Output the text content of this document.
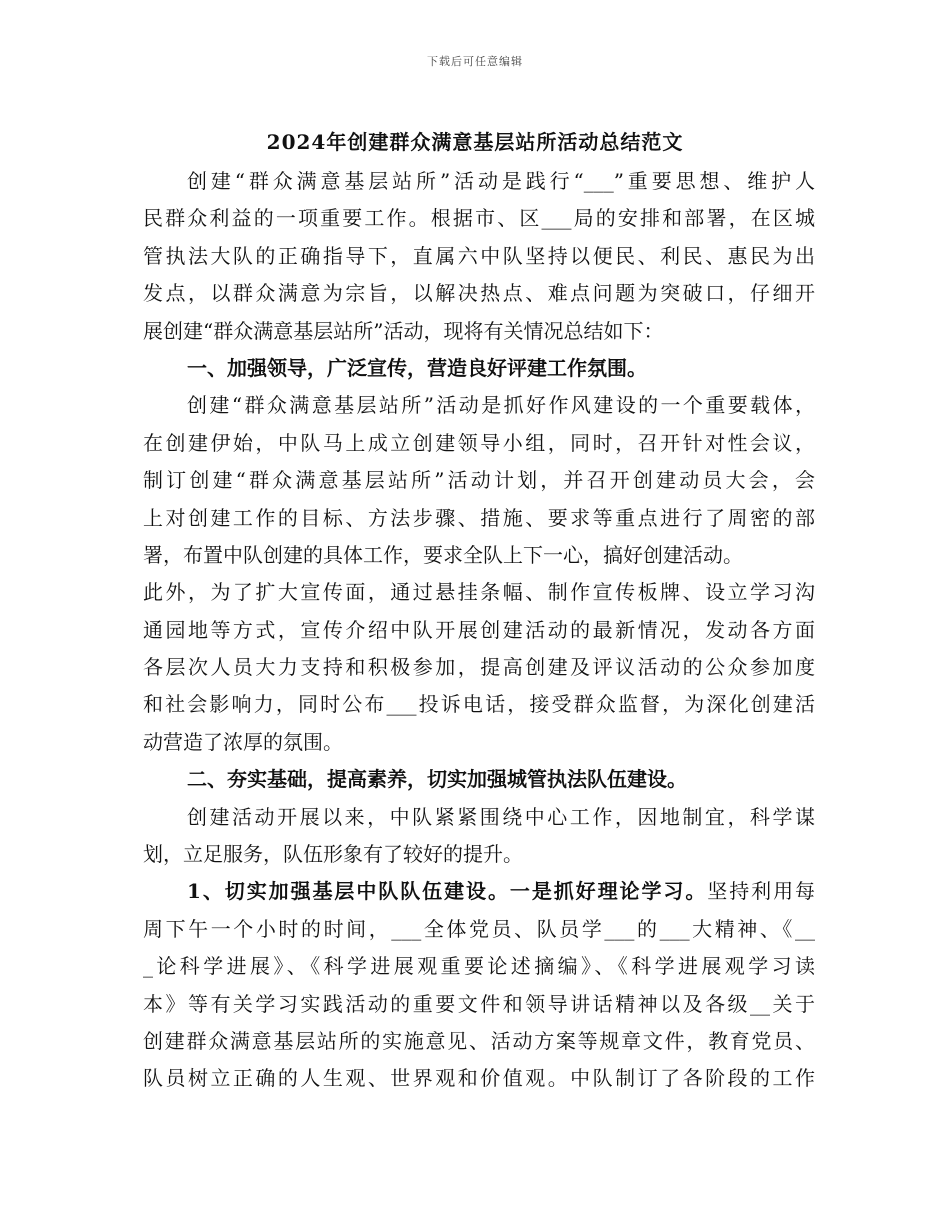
下载后可任意编辑
2024年创建群众满意基层站所活动总结范文
创建“群众满意基层站所”活动是践行“___”重要思想、维护人
民群众利益的一项重要工作。根据市、区___局的安排和部署，在区城
管执法大队的正确指导下，直属六中队坚持以便民、利民、惠民为出
发点，以群众满意为宗旨，以解决热点、难点问题为突破口，仔细开
展创建“群众满意基层站所”活动，现将有关情况总结如下：
一、加强领导，广泛宣传，营造良好评建工作氛围。
创建“群众满意基层站所”活动是抓好作风建设的一个重要载体，
在创建伊始，中队马上成立创建领导小组，同时，召开针对性会议，
制订创建“群众满意基层站所”活动计划，并召开创建动员大会，会
上对创建工作的目标、方法步骤、措施、要求等重点进行了周密的部
署，布置中队创建的具体工作，要求全队上下一心，搞好创建活动。
此外，为了扩大宣传面，通过悬挂条幅、制作宣传板牌、设立学习沟
通园地等方式，宣传介绍中队开展创建活动的最新情况，发动各方面
各层次人员大力支持和积极参加，提高创建及评议活动的公众参加度
和社会影响力，同时公布___投诉电话，接受群众监督，为深化创建活
动营造了浓厚的氛围。
二、夯实基础，提高素养，切实加强城管执法队伍建设。
创建活动开展以来，中队紧紧围绕中心工作，因地制宜，科学谋
划，立足服务，队伍形象有了较好的提升。
1、切实加强基层中队队伍建设。一是抓好理论学习。坚持利用每
周下午一个小时的时间，___全体党员、队员学___的___大精神、《__
_论科学进展》、《科学进展观重要论述摘编》、《科学进展观学习读
本》等有关学习实践活动的重要文件和领导讲话精神以及各级__关于
创建群众满意基层站所的实施意见、活动方案等规章文件，教育党员、
队员树立正确的人生观、世界观和价值观。中队制订了各阶段的工作
